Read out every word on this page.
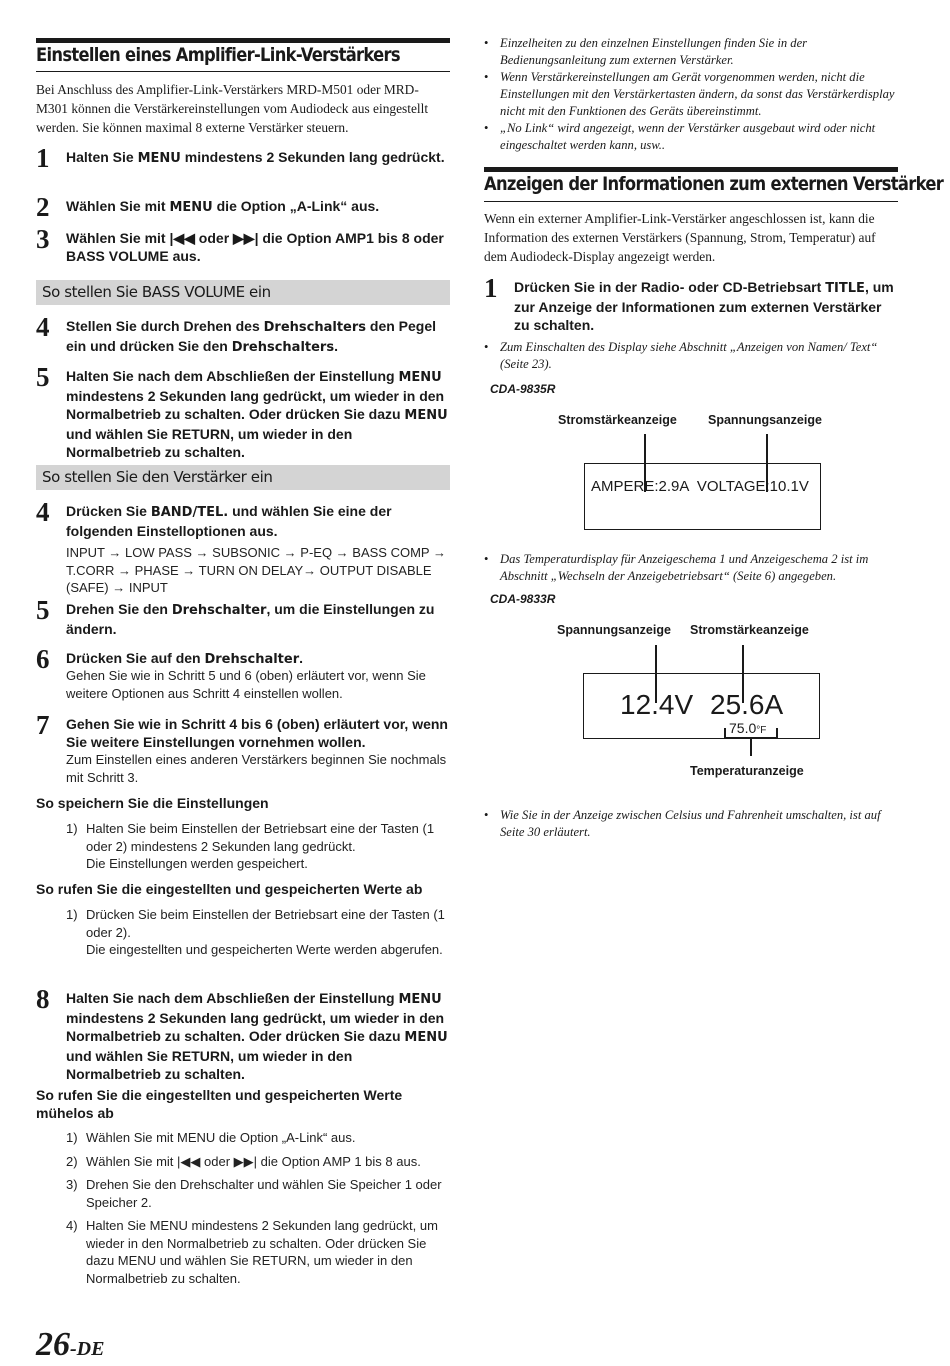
Einstellen eines Amplifier-Link-Verstärkers
Bei Anschluss des Amplifier-Link-Verstärkers MRD-M501 oder MRD-M301 können die Verstärkereinstellungen vom Audiodeck aus eingestellt werden. Sie können maximal 8 externe Verstärker steuern.
1 Halten Sie MENU mindestens 2 Sekunden lang gedrückt.
2 Wählen Sie mit MENU die Option „A-Link“ aus.
3 Wählen Sie mit |◀◀ oder ▶▶| die Option AMP1 bis 8 oder BASS VOLUME aus.
So stellen Sie BASS VOLUME ein
4 Stellen Sie durch Drehen des Drehschalters den Pegel ein und drücken Sie den Drehschalters.
5 Halten Sie nach dem Abschließen der Einstellung MENU mindestens 2 Sekunden lang gedrückt, um wieder in den Normalbetrieb zu schalten. Oder drücken Sie dazu MENU und wählen Sie RETURN, um wieder in den Normalbetrieb zu schalten.
So stellen Sie den Verstärker ein
4 Drücken Sie BAND/TEL. und wählen Sie eine der folgenden Einstelloptionen aus.
INPUT → LOW PASS → SUBSONIC → P-EQ → BASS COMP → T.CORR → PHASE → TURN ON DELAY→ OUTPUT DISABLE (SAFE) → INPUT
5 Drehen Sie den Drehschalter, um die Einstellungen zu ändern.
6 Drücken Sie auf den Drehschalter.
Gehen Sie wie in Schritt 5 und 6 (oben) erläutert vor, wenn Sie weitere Optionen aus Schritt 4 einstellen wollen.
7 Gehen Sie wie in Schritt 4 bis 6 (oben) erläutert vor, wenn Sie weitere Einstellungen vornehmen wollen.
Zum Einstellen eines anderen Verstärkers beginnen Sie nochmals mit Schritt 3.
So speichern Sie die Einstellungen
1) Halten Sie beim Einstellen der Betriebsart eine der Tasten (1 oder 2) mindestens 2 Sekunden lang gedrückt.
Die Einstellungen werden gespeichert.
So rufen Sie die eingestellten und gespeicherten Werte ab
1) Drücken Sie beim Einstellen der Betriebsart eine der Tasten (1 oder 2).
Die eingestellten und gespeicherten Werte werden abgerufen.
8 Halten Sie nach dem Abschließen der Einstellung MENU mindestens 2 Sekunden lang gedrückt, um wieder in den Normalbetrieb zu schalten. Oder drücken Sie dazu MENU und wählen Sie RETURN, um wieder in den Normalbetrieb zu schalten.
So rufen Sie die eingestellten und gespeicherten Werte mühelos ab
1) Wählen Sie mit MENU die Option „A-Link“ aus.
2) Wählen Sie mit |◀◀ oder ▶▶| die Option AMP 1 bis 8 aus.
3) Drehen Sie den Drehschalter und wählen Sie Speicher 1 oder Speicher 2.
4) Halten Sie MENU mindestens 2 Sekunden lang gedrückt, um wieder in den Normalbetrieb zu schalten. Oder drücken Sie dazu MENU und wählen Sie RETURN, um wieder in den Normalbetrieb zu schalten.
• Einzelheiten zu den einzelnen Einstellungen finden Sie in der Bedienungsanleitung zum externen Verstärker.
• Wenn Verstärkereinstellungen am Gerät vorgenommen werden, nicht die Einstellungen mit den Verstärkertasten ändern, da sonst das Verstärkerdisplay nicht mit den Funktionen des Geräts übereinstimmt.
• „No Link“ wird angezeigt, wenn der Verstärker ausgebaut wird oder nicht eingeschaltet werden kann, usw..
Anzeigen der Informationen zum externen Verstärker
Wenn ein externer Amplifier-Link-Verstärker angeschlossen ist, kann die Information des externen Verstärkers (Spannung, Strom, Temperatur) auf dem Audiodeck-Display angezeigt werden.
1 Drücken Sie in der Radio- oder CD-Betriebsart TITLE, um zur Anzeige der Informationen zum externen Verstärker zu schalten.
• Zum Einschalten des Display siehe Abschnitt „Anzeigen von Namen/ Text“ (Seite 23).
CDA-9835R
Stromstärkeanzeige Spannungsanzeige
AMPERE:2.9A  VOLTAGE:10.1V
• Das Temperaturdisplay für Anzeigeschema 1 und Anzeigeschema 2 ist im Abschnitt „Wechseln der Anzeigebetriebsart“ (Seite 6) angegeben.
CDA-9833R
Spannungsanzeige Stromstärkeanzeige
12.4V 25.6A
75.0°F
Temperaturanzeige
• Wie Sie in der Anzeige zwischen Celsius und Fahrenheit umschalten, ist auf Seite 30 erläutert.
26-DE
